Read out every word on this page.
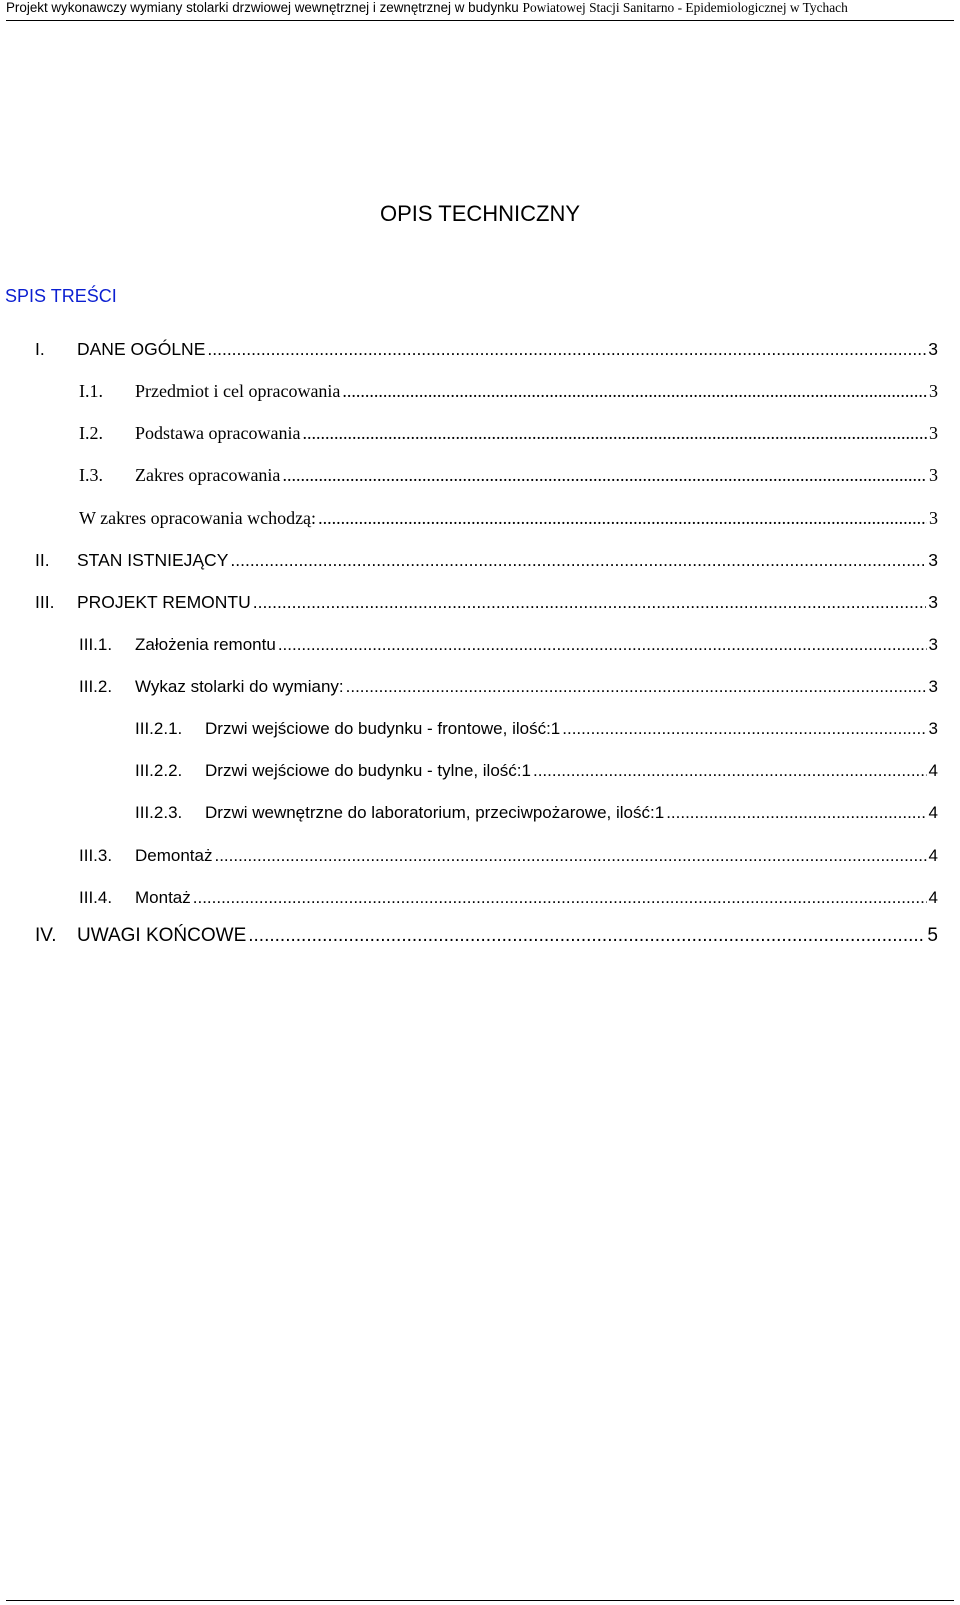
Projekt wykonawczy wymiany stolarki drzwiowej wewnętrznej i zewnętrznej w budynku Powiatowej Stacji Sanitarno - Epidemiologicznej w Tychach
OPIS TECHNICZNY
SPIS TREŚCI
I.	DANE OGÓLNE .....	3
I.1.	Przedmiot i cel opracowania .....	3
I.2.	Podstawa opracowania .....	3
I.3.	Zakres opracowania .....	3
W zakres opracowania wchodzą: .....	3
II.	STAN ISTNIEJĄCY .....	3
III.	PROJEKT REMONTU .....	3
III.1.	Założenia remontu .....	3
III.2.	Wykaz stolarki do wymiany: .....	3
III.2.1.	Drzwi wejściowe do budynku - frontowe, ilość:1 .....	3
III.2.2.	Drzwi wejściowe do budynku - tylne, ilość:1 .....	4
III.2.3.	Drzwi wewnętrzne do laboratorium, przeciwpożarowe, ilość:1 .....	4
III.3.	Demontaż .....	4
III.4.	Montaż .....	4
IV.	UWAGI KOŃCOWE .....	5
